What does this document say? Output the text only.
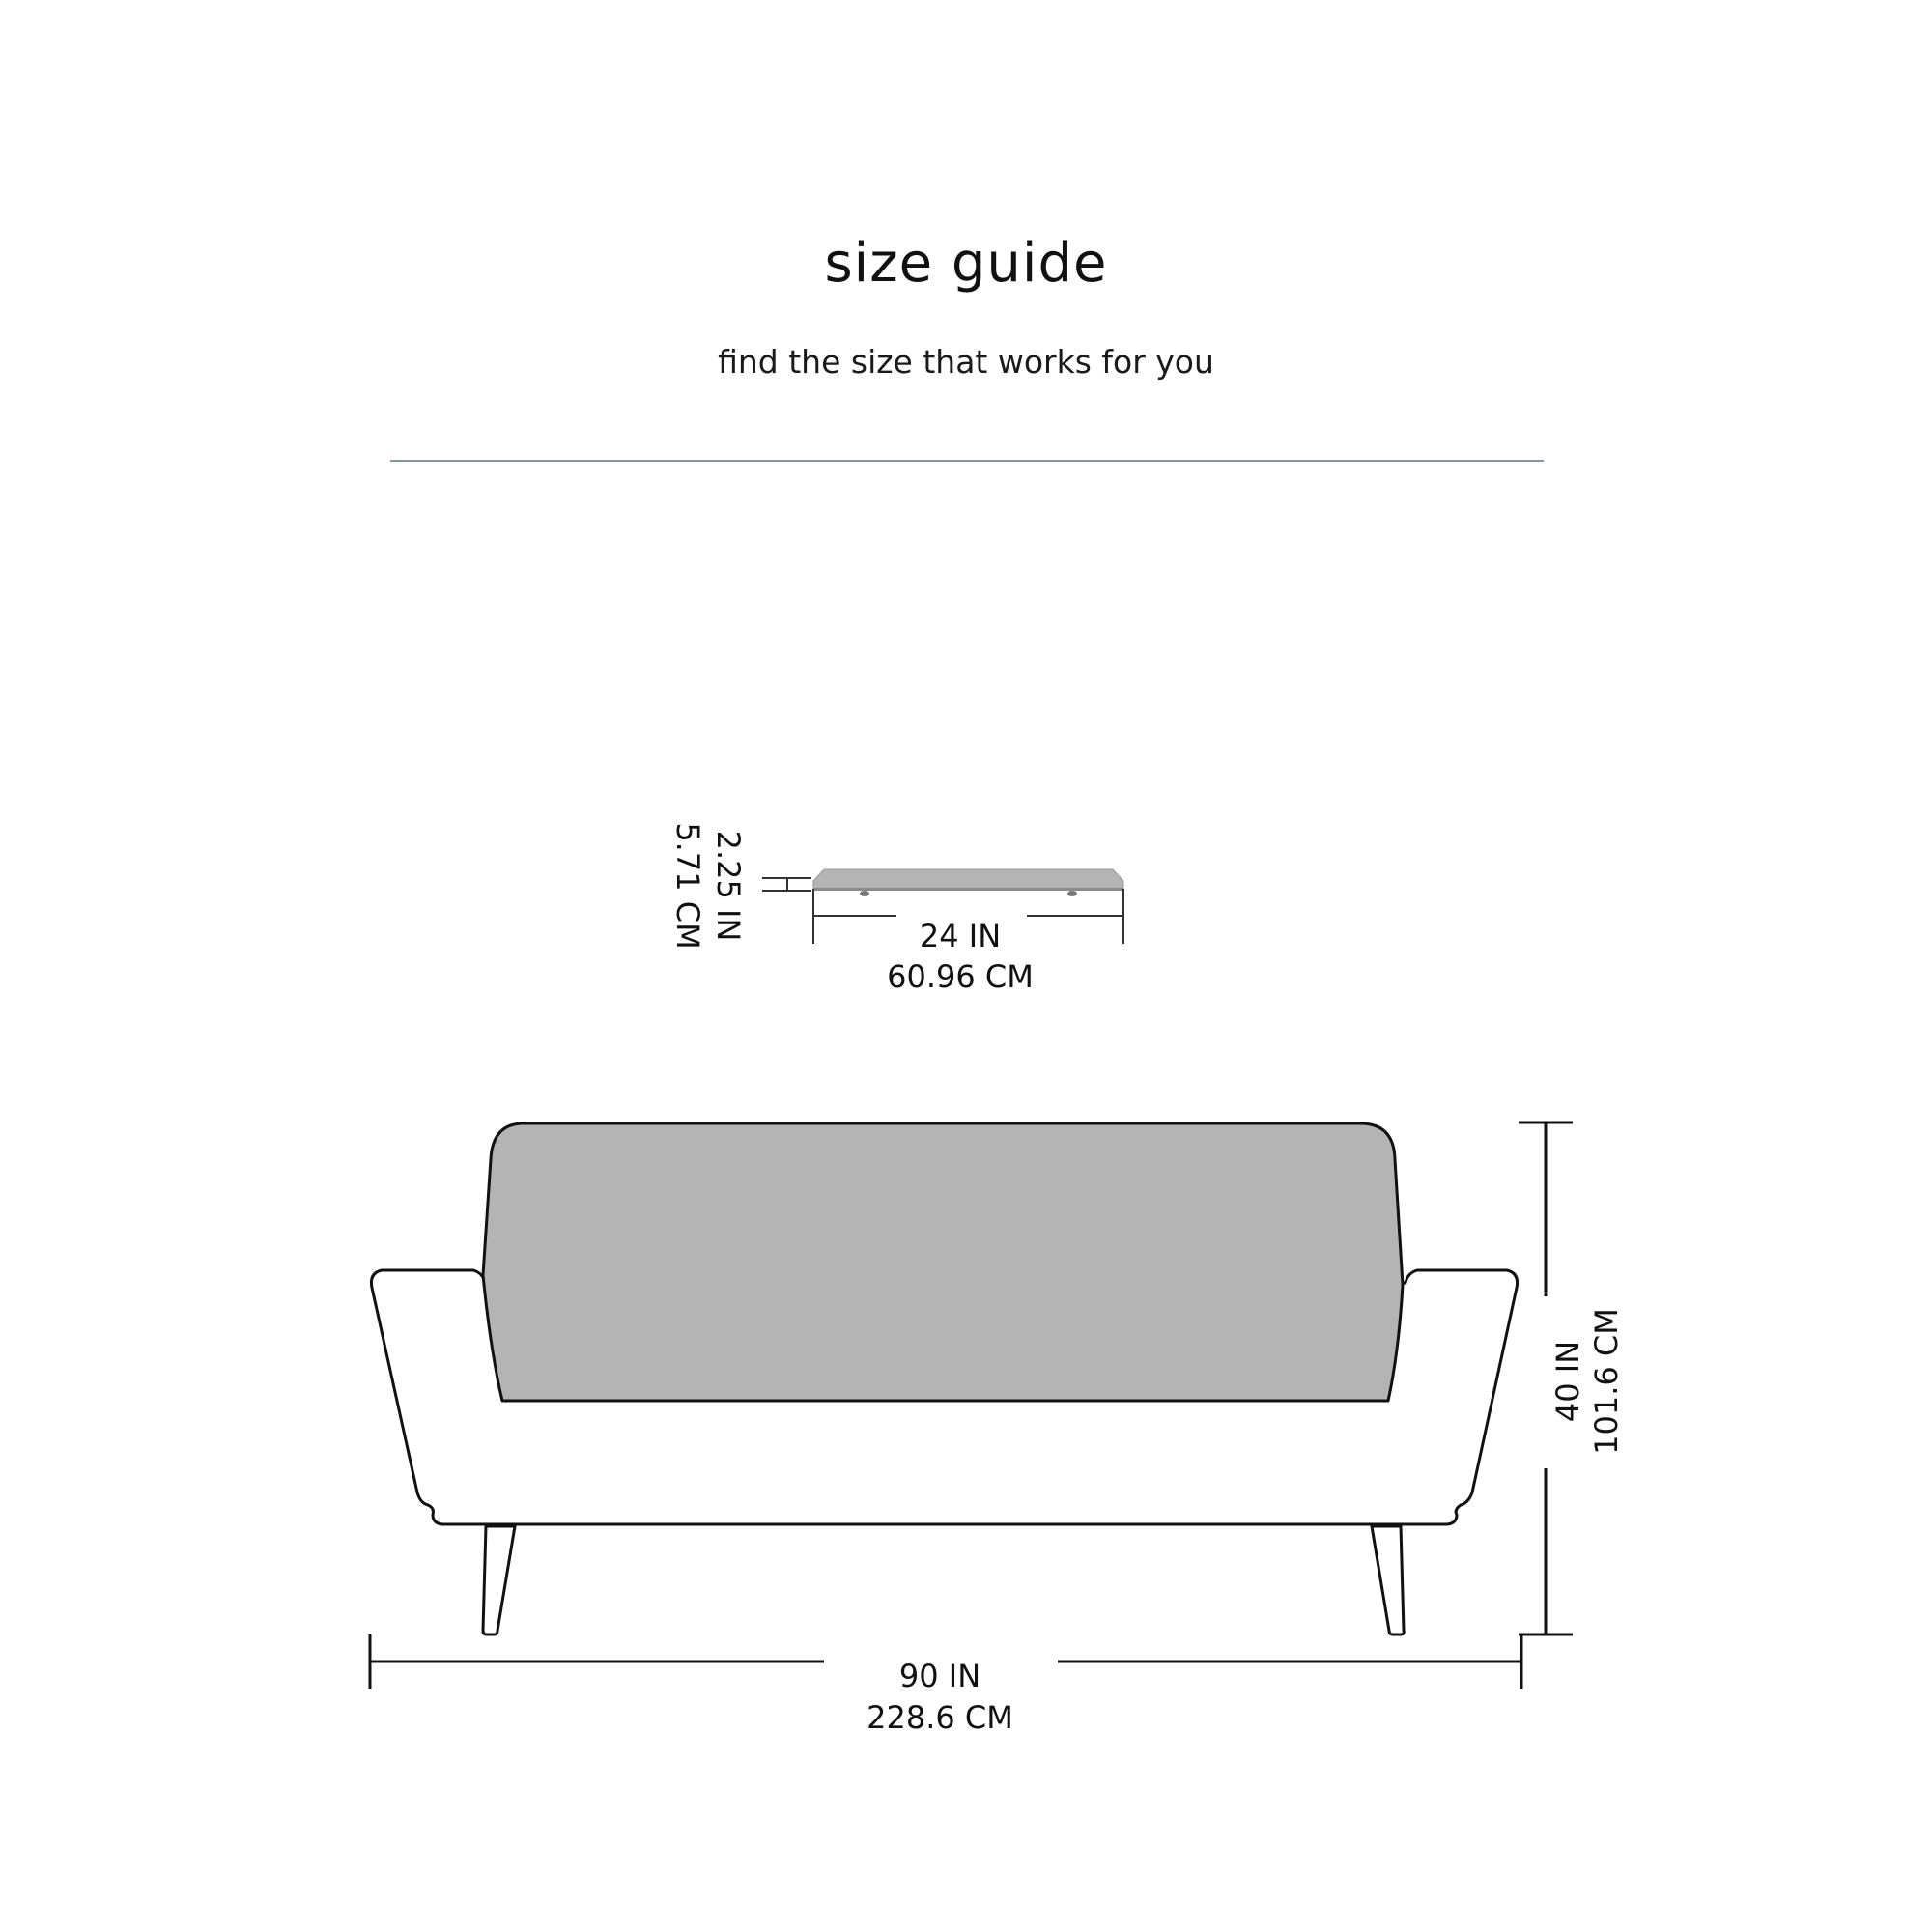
size guide
find the size that works for you
24 IN
60.96 CM
2.25 IN
5.71 CM
40 IN 101.6 CM
90 IN
228.6 CM
